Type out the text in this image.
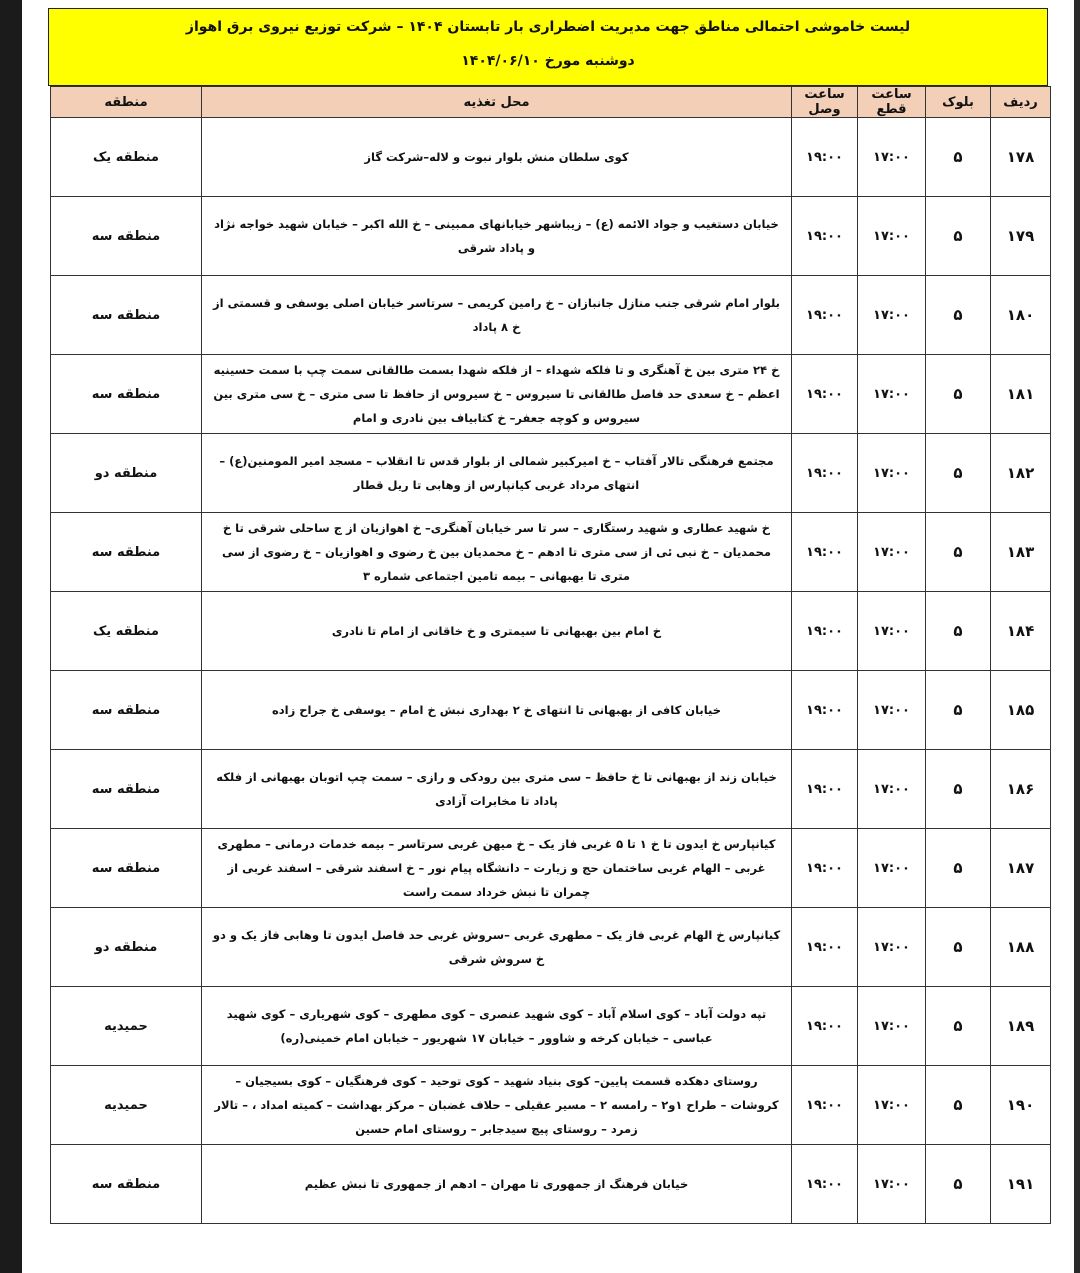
لیست خاموشی احتمالی مناطق جهت مدیریت اضطراری بار تابستان ۱۴۰۴ – شرکت توزیع نیروی برق اهواز
دوشنبه مورخ ۱۴۰۴/۰۶/۱۰
ردیف	بلوک	ساعت قطع	ساعت وصل	محل تغذیه	منطقه
۱۷۸	۵	۱۷:۰۰	۱۹:۰۰	کوی سلطان منش بلوار نبوت و لاله–شرکت گاز	منطقه یک
۱۷۹	۵	۱۷:۰۰	۱۹:۰۰	خیابان دستغیب و جواد الائمه (ع) – زیباشهر خیابانهای ممبینی – خ الله اکبر – خیابان شهید خواجه نژاد و پاداد شرقی	منطقه سه
۱۸۰	۵	۱۷:۰۰	۱۹:۰۰	بلوار امام شرقی جنب منازل جانبازان – خ رامین کریمی – سرتاسر خیابان اصلی یوسفی و قسمتی از خ ۸ پاداد	منطقه سه
۱۸۱	۵	۱۷:۰۰	۱۹:۰۰	خ ۲۴ متری بین خ آهنگری و تا فلکه شهداء – از فلکه شهدا بسمت طالقانی سمت چپ با سمت حسینیه اعظم – خ سعدی حد فاصل طالقانی تا سیروس – خ سیروس از حافظ تا سی متری – خ سی متری بین سیروس و کوچه جعفر– خ کتابیاف بین نادری و امام	منطقه سه
۱۸۲	۵	۱۷:۰۰	۱۹:۰۰	مجتمع فرهنگی تالار آفتاب – خ امیرکبیر شمالی از بلوار قدس تا انقلاب – مسجد امیر المومنین(ع) – انتهای مرداد غربی کیانپارس از وهابی تا ریل قطار	منطقه دو
۱۸۳	۵	۱۷:۰۰	۱۹:۰۰	خ شهید عطاری و شهید رستگاری – سر تا سر خیابان آهنگری– خ اهوازیان از ج ساحلی شرقی تا خ محمدیان – خ نبی ئی از سی متری تا ادهم – خ محمدیان بین خ رضوی و اهوازیان – خ رضوی از سی متری تا بهبهانی – بیمه تامین اجتماعی شماره ۳	منطقه سه
۱۸۴	۵	۱۷:۰۰	۱۹:۰۰	خ امام بین بهبهانی تا سیمتری و خ خاقانی از امام تا نادری	منطقه یک
۱۸۵	۵	۱۷:۰۰	۱۹:۰۰	خیابان کافی از بهبهانی تا انتهای خ ۲ بهداری نبش خ امام – یوسفی خ جراح زاده	منطقه سه
۱۸۶	۵	۱۷:۰۰	۱۹:۰۰	خیابان زند از بهبهانی تا خ حافظ – سی متری بین رودکی و رازی – سمت چپ اتوبان بهبهانی از فلکه پاداد تا مخابرات آزادی	منطقه سه
۱۸۷	۵	۱۷:۰۰	۱۹:۰۰	کیانپارس خ ایدون تا خ ۱ تا ۵ غربی فاز یک – خ میهن غربی سرتاسر – بیمه خدمات درمانی – مطهری غربی – الهام غربی ساختمان حج و زیارت – دانشگاه پیام نور – خ اسفند شرقی – اسفند غربی از چمران تا نبش خرداد سمت راست	منطقه سه
۱۸۸	۵	۱۷:۰۰	۱۹:۰۰	کیانپارس خ الهام غربی فاز یک – مطهری غربی –سروش غربی حد فاصل ایدون تا وهابی فاز یک و دو خ سروش شرقی	منطقه دو
۱۸۹	۵	۱۷:۰۰	۱۹:۰۰	تپه دولت آباد – کوی اسلام آباد – کوی شهید عنصری – کوی مطهری – کوی شهریاری – کوی شهید عباسی – خیابان کرخه و شاوور – خیابان ۱۷ شهریور – خیابان امام خمینی(ره)	حمیدیه
۱۹۰	۵	۱۷:۰۰	۱۹:۰۰	روستای دهکده قسمت پایین– کوی بنیاد شهید – کوی توحید – کوی فرهنگیان – کوی بسیجیان – کروشات – طراح ۱و۲ – رامسه ۲ – مسیر عقیلی – حلاف غضبان – مرکز بهداشت – کمیته امداد ، – تالار زمرد – روستای پیچ سیدجابر – روستای امام حسین	حمیدیه
۱۹۱	۵	۱۷:۰۰	۱۹:۰۰	خیابان فرهنگ از جمهوری تا مهران – ادهم از جمهوری تا نبش عظیم	منطقه سه
